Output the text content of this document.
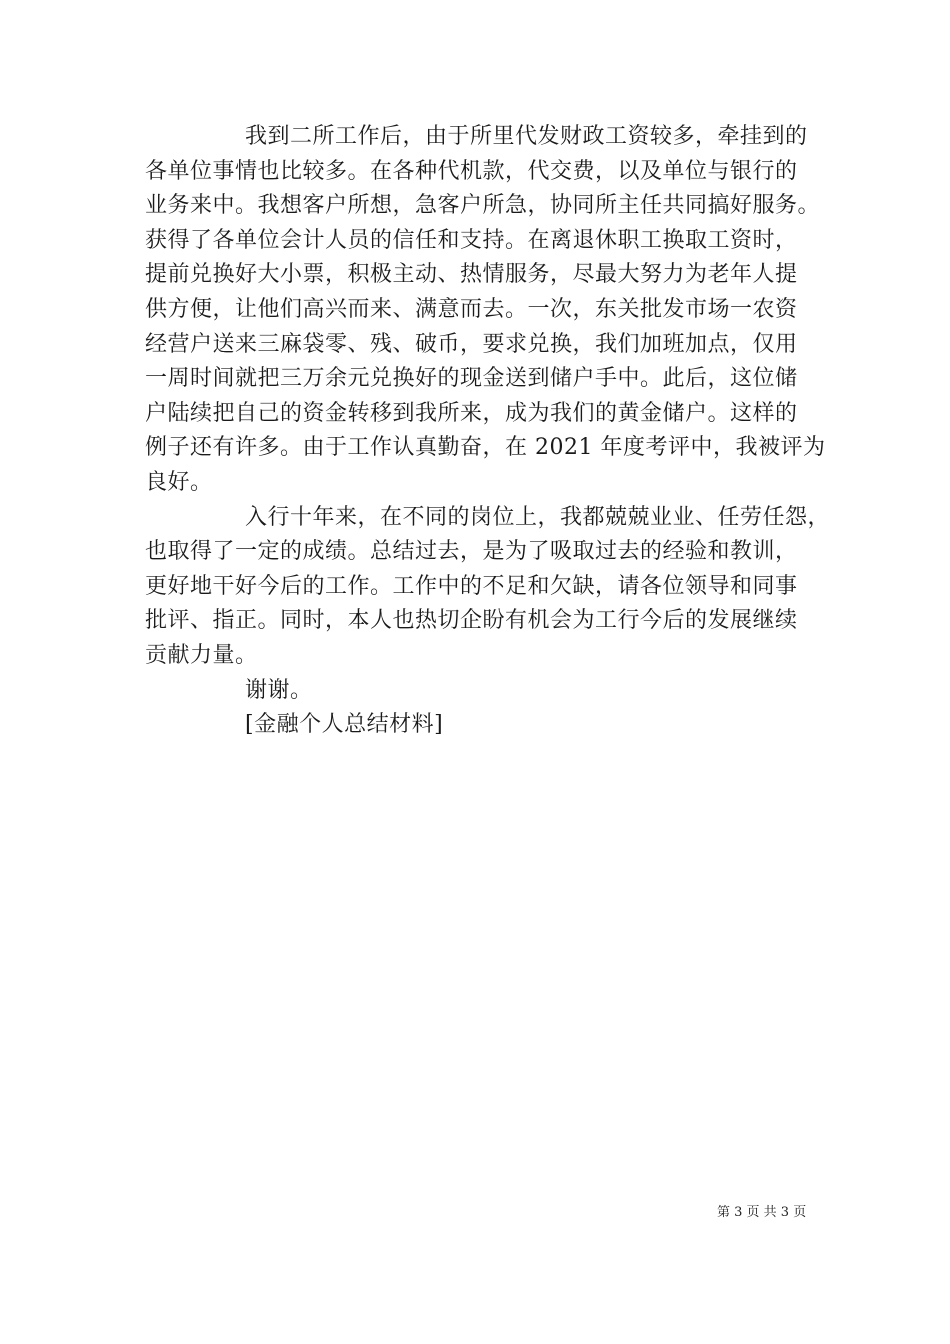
我到二所工作后，由于所里代发财政工资较多，牵挂到的
各单位事情也比较多。在各种代机款，代交费，以及单位与银行的
业务来中。我想客户所想，急客户所急，协同所主任共同搞好服务。
获得了各单位会计人员的信任和支持。在离退休职工换取工资时，
提前兑换好大小票，积极主动、热情服务，尽最大努力为老年人提
供方便，让他们高兴而来、满意而去。一次，东关批发市场一农资
经营户送来三麻袋零、残、破币，要求兑换，我们加班加点，仅用
一周时间就把三万余元兑换好的现金送到储户手中。此后，这位储
户陆续把自己的资金转移到我所来，成为我们的黄金储户。这样的
例子还有许多。由于工作认真勤奋，在 2021 年度考评中，我被评为
良好。
入行十年来，在不同的岗位上，我都兢兢业业、任劳任怨，
也取得了一定的成绩。总结过去，是为了吸取过去的经验和教训，
更好地干好今后的工作。工作中的不足和欠缺，请各位领导和同事
批评、指正。同时，本人也热切企盼有机会为工行今后的发展继续
贡献力量。
谢谢。
[金融个人总结材料]
第 3 页 共 3 页
